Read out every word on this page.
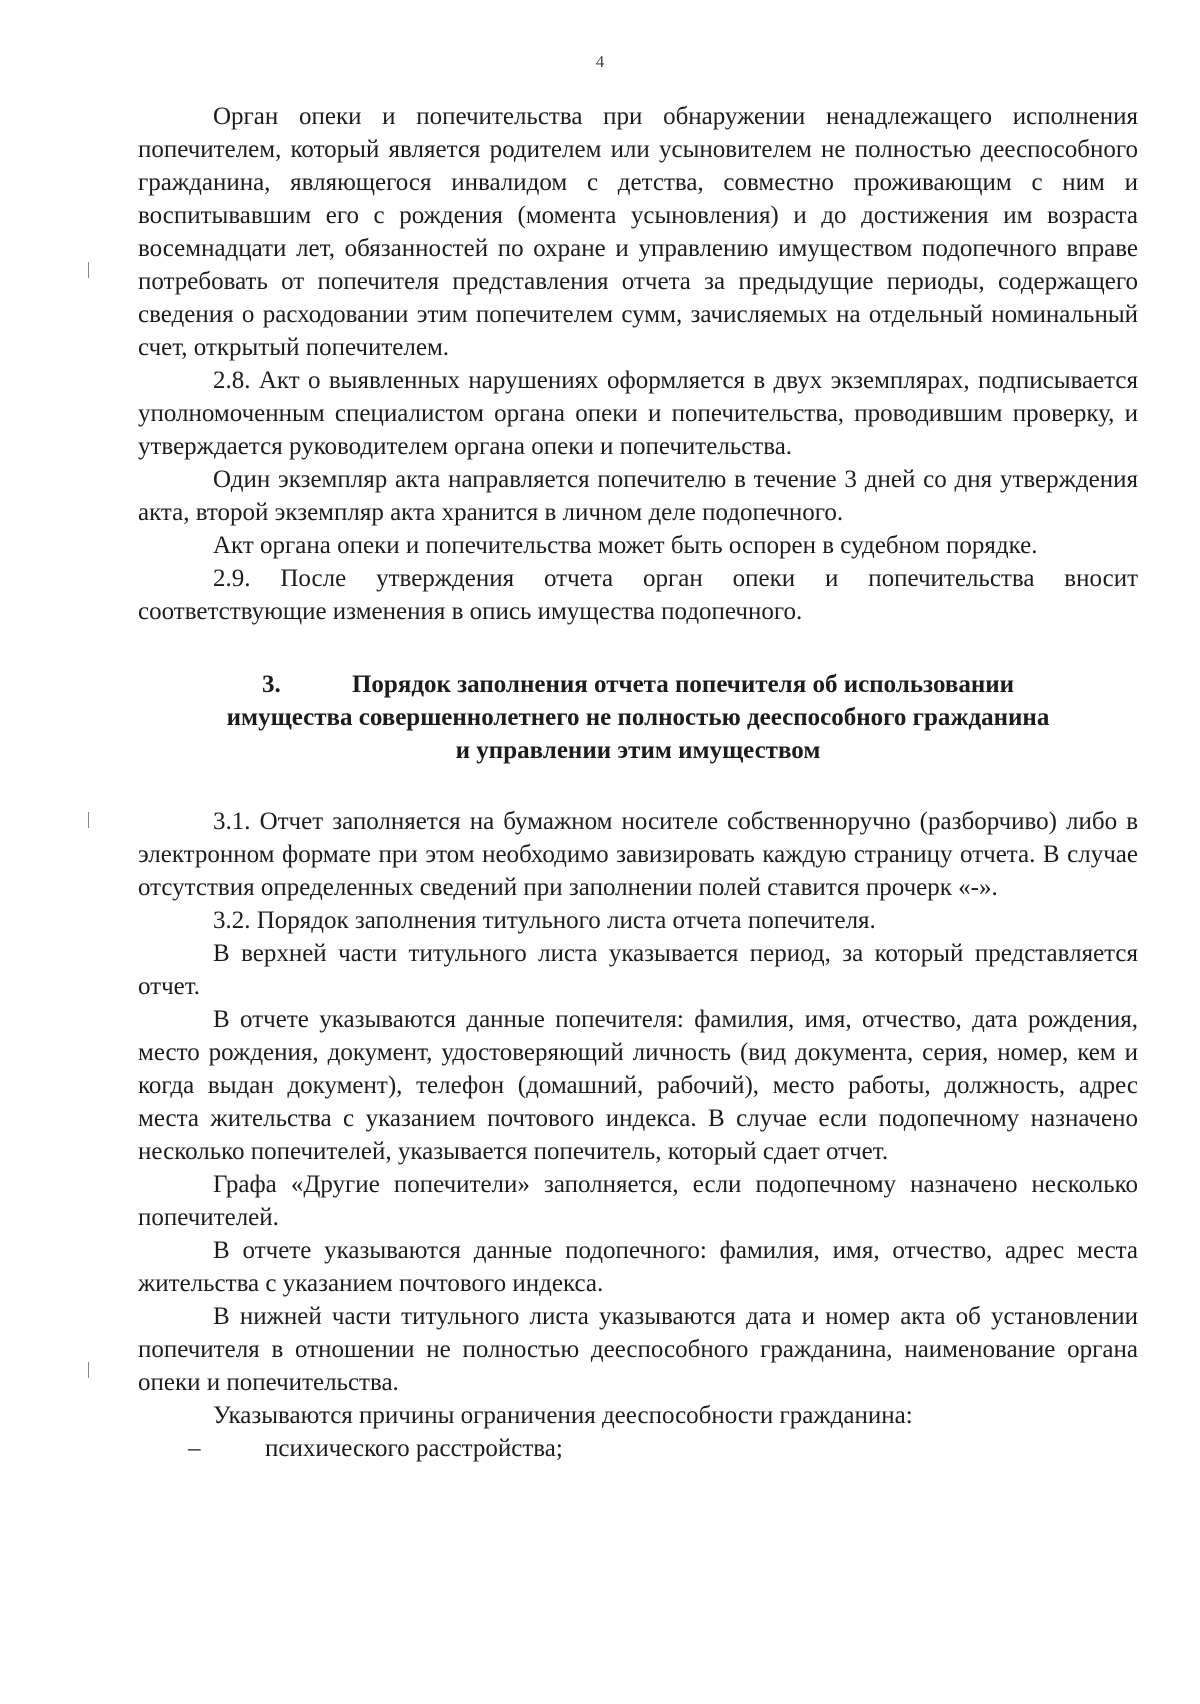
4

Орган опеки и попечительства при обнаружении ненадлежащего исполнения попечителем, который является родителем или усыновителем не полностью дееспособного гражданина, являющегося инвалидом с детства, совместно проживающим с ним и воспитывавшим его с рождения (момента усыновления) и до достижения им возраста восемнадцати лет, обязанностей по охране и управлению имуществом подопечного вправе потребовать от попечителя представления отчета за предыдущие периоды, содержащего сведения о расходовании этим попечителем сумм, зачисляемых на отдельный номинальный счет, открытый попечителем.

2.8. Акт о выявленных нарушениях оформляется в двух экземплярах, подписывается уполномоченным специалистом органа опеки и попечительства, проводившим проверку, и утверждается руководителем органа опеки и попечительства.

Один экземпляр акта направляется попечителю в течение 3 дней со дня утверждения акта, второй экземпляр акта хранится в личном деле подопечного.

Акт органа опеки и попечительства может быть оспорен в судебном порядке.

2.9. После утверждения отчета орган опеки и попечительства вносит соответствующие изменения в опись имущества подопечного.

3.	Порядок заполнения отчета попечителя об использовании
имущества совершеннолетнего не полностью дееспособного гражданина
и управлении этим имуществом

3.1. Отчет заполняется на бумажном носителе собственноручно (разборчиво) либо в электронном формате при этом необходимо завизировать каждую страницу отчета. В случае отсутствия определенных сведений при заполнении полей ставится прочерк «-».

3.2. Порядок заполнения титульного листа отчета попечителя.

В верхней части титульного листа указывается период, за который представляется отчет.

В отчете указываются данные попечителя: фамилия, имя, отчество, дата рождения, место рождения, документ, удостоверяющий личность (вид документа, серия, номер, кем и когда выдан документ), телефон (домашний, рабочий), место работы, должность, адрес места жительства с указанием почтового индекса. В случае если подопечному назначено несколько попечителей, указывается попечитель, который сдает отчет.

Графа «Другие попечители» заполняется, если подопечному назначено несколько попечителей.

В отчете указываются данные подопечного: фамилия, имя, отчество, адрес места жительства с указанием почтового индекса.

В нижней части титульного листа указываются дата и номер акта об установлении попечителя в отношении не полностью дееспособного гражданина, наименование органа опеки и попечительства.

Указываются причины ограничения дееспособности гражданина:

–	психического расстройства;
